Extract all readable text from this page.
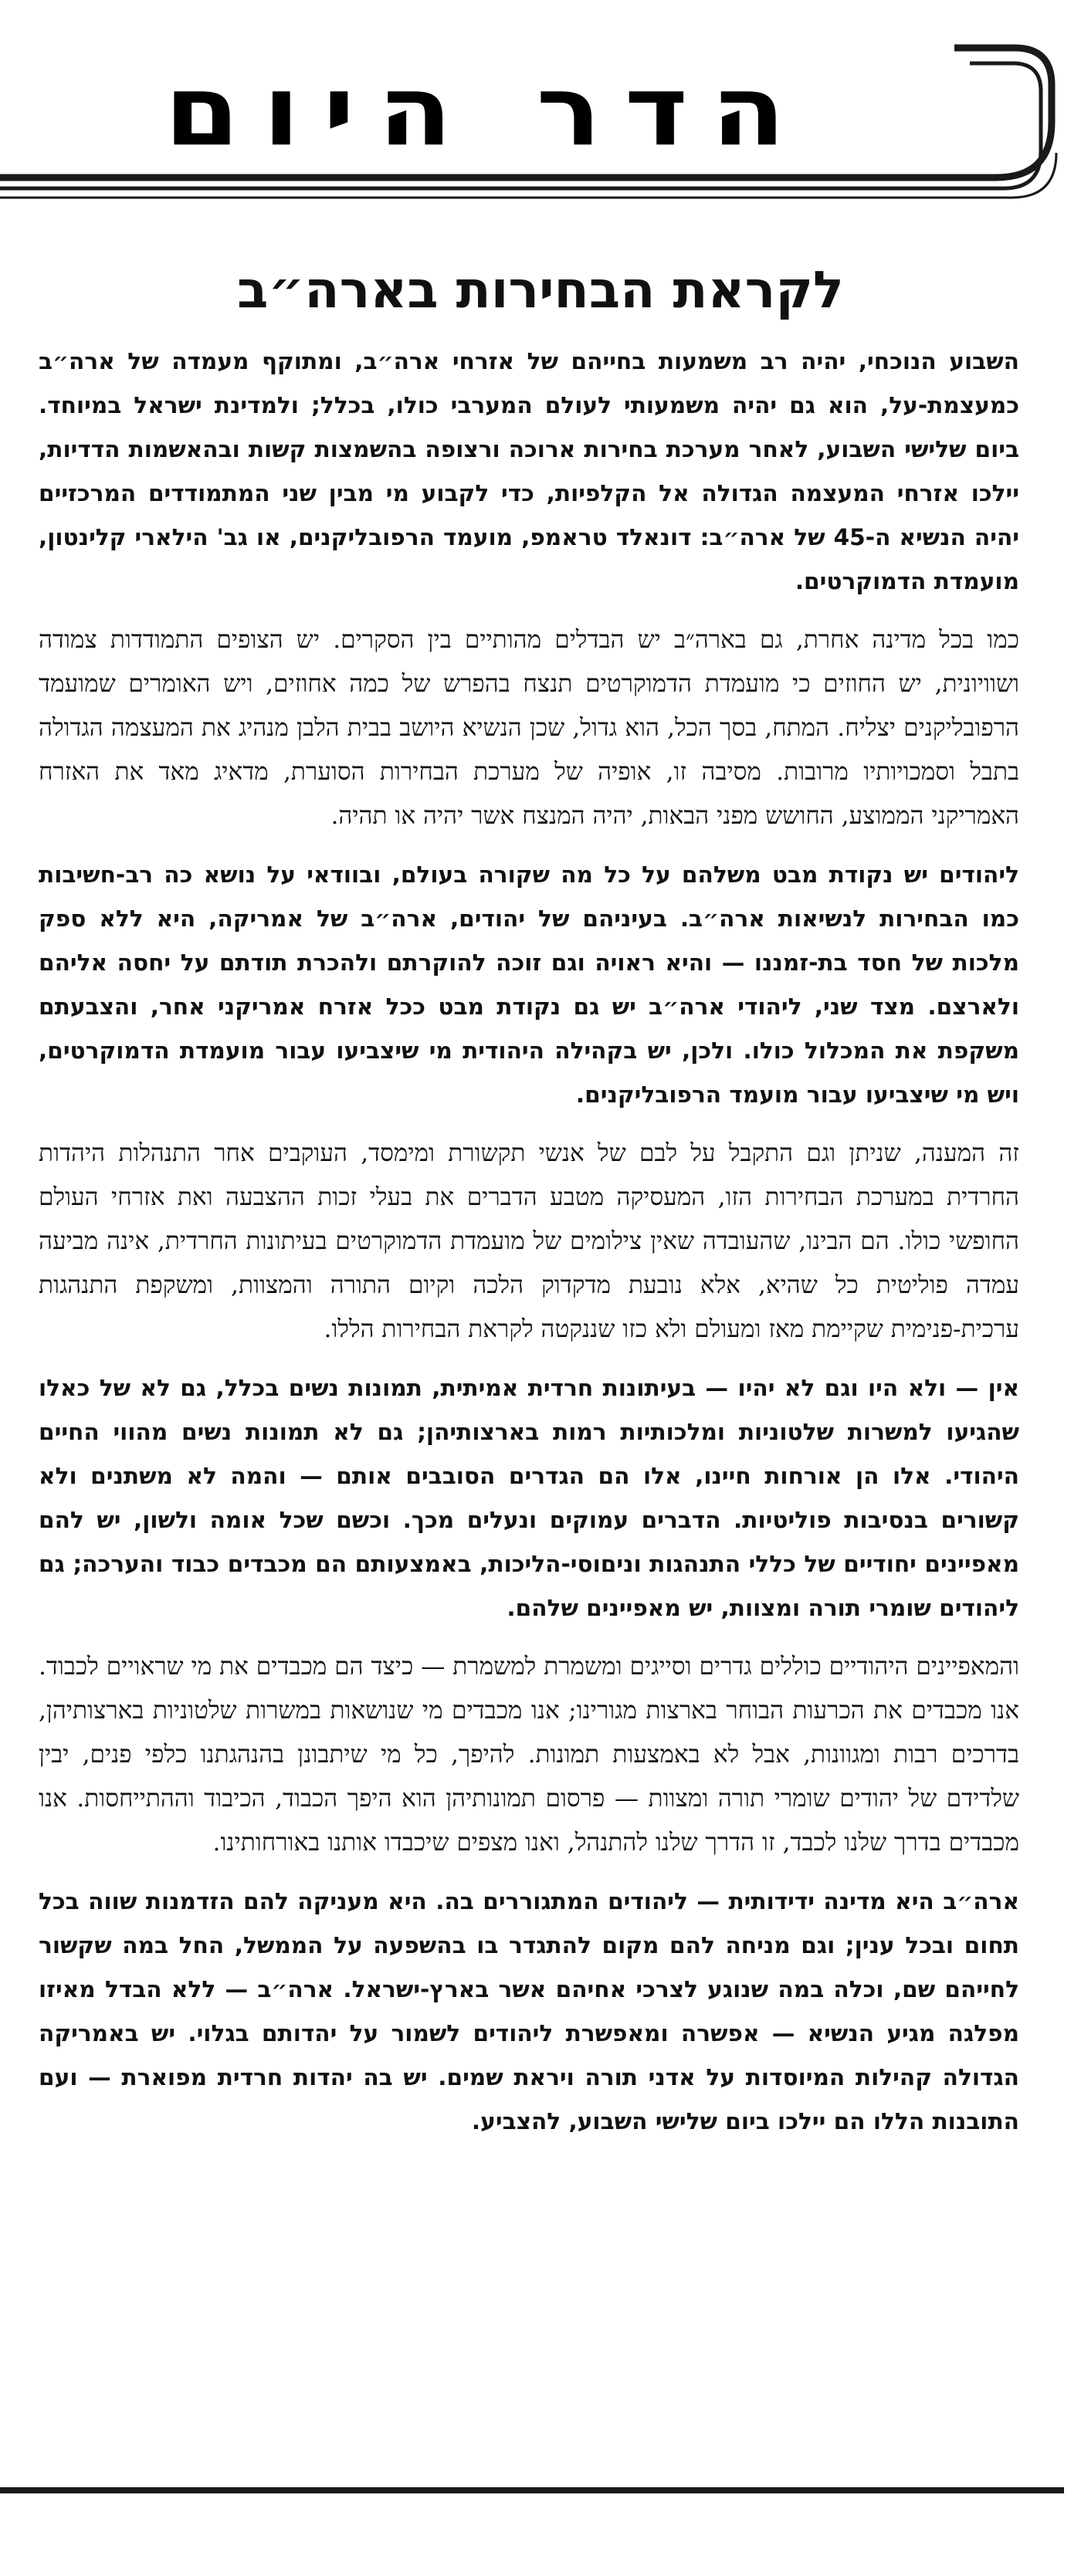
הדר היום
לקראת הבחירות בארה״ב

השבוע הנוכחי, יהיה רב משמעות בחייהם של אזרחי ארה״ב, ומתוקף מעמדה של ארה״ב כמעצמת-על, הוא גם יהיה משמעותי לעולם המערבי כולו, בכלל; ולמדינת ישראל במיוחד. ביום שלישי השבוע, לאחר מערכת בחירות ארוכה ורצופה בהשמצות קשות ובהאשמות הדדיות, יילכו אזרחי המעצמה הגדולה אל הקלפיות, כדי לקבוע מי מבין שני המתמודדים המרכזיים יהיה הנשיא ה-45 של ארה״ב: דונאלד טראמפ, מועמד הרפובליקנים, או גב' הילארי קלינטון, מועמדת הדמוקרטים.

כמו בכל מדינה אחרת, גם בארה״ב יש הבדלים מהותיים בין הסקרים. יש הצופים התמודדות צמודה ושוויונית, יש החוזים כי מועמדת הדמוקרטים תנצח בהפרש של כמה אחוזים, ויש האומרים שמועמד הרפובליקנים יצליח. המתח, בסך הכל, הוא גדול, שכן הנשיא היושב בבית הלבן מנהיג את המעצמה הגדולה בתבל וסמכויותיו מרובות. מסיבה זו, אופיה של מערכת הבחירות הסוערת, מדאיג מאד את האזרח האמריקני הממוצע, החושש מפני הבאות, יהיה המנצח אשר יהיה או תהיה.

ליהודים יש נקודת מבט משלהם על כל מה שקורה בעולם, ובוודאי על נושא כה רב-חשיבות כמו הבחירות לנשיאות ארה״ב. בעיניהם של יהודים, ארה״ב של אמריקה, היא ללא ספק מלכות של חסד בת-זמננו — והיא ראויה וגם זוכה להוקרתם ולהכרת תודתם על יחסה אליהם ולארצם. מצד שני, ליהודי ארה״ב יש גם נקודת מבט ככל אזרח אמריקני אחר, והצבעתם משקפת את המכלול כולו. ולכן, יש בקהילה היהודית מי שיצביעו עבור מועמדת הדמוקרטים, ויש מי שיצביעו עבור מועמד הרפובליקנים.

זה המענה, שניתן וגם התקבל על לבם של אנשי תקשורת ומימסד, העוקבים אחר התנהלות היהדות החרדית במערכת הבחירות הזו, המעסיקה מטבע הדברים את בעלי זכות ההצבעה ואת אזרחי העולם החופשי כולו. הם הבינו, שהעובדה שאין צילומים של מועמדת הדמוקרטים בעיתונות החרדית, אינה מביעה עמדה פוליטית כל שהיא, אלא נובעת מדקדוק הלכה וקיום התורה והמצוות, ומשקפת התנהגות ערכית-פנימית שקיימת מאז ומעולם ולא כזו שננקטה לקראת הבחירות הללו.

אין — ולא היו וגם לא יהיו — בעיתונות חרדית אמיתית, תמונות נשים בכלל, גם לא של כאלו שהגיעו למשרות שלטוניות ומלכותיות רמות בארצותיהן; גם לא תמונות נשים מהווי החיים היהודי. אלו הן אורחות חיינו, אלו הם הגדרים הסובבים אותם — והמה לא משתנים ולא קשורים בנסיבות פוליטיות. הדברים עמוקים ונעלים מכך. וכשם שכל אומה ולשון, יש להם מאפיינים יחודיים של כללי התנהגות וניםוסי-הליכות, באמצעותם הם מכבדים כבוד והערכה; גם ליהודים שומרי תורה ומצוות, יש מאפיינים שלהם.

והמאפיינים היהודיים כוללים גדרים וסייגים ומשמרת למשמרת — כיצד הם מכבדים את מי שראויים לכבוד. אנו מכבדים את הכרעות הבוחר בארצות מגורינו; אנו מכבדים מי שנושאות במשרות שלטוניות בארצותיהן, בדרכים רבות ומגוונות, אבל לא באמצעות תמונות. להיפך, כל מי שיתבונן בהנהגתנו כלפי פנים, יבין שלדידם של יהודים שומרי תורה ומצוות — פרסום תמונותיהן הוא היפך הכבוד, הכיבוד וההתייחסות. אנו מכבדים בדרך שלנו לכבד, זו הדרך שלנו להתנהל, ואנו מצפים שיכבדו אותנו באורחותינו.

ארה״ב היא מדינה ידידותית — ליהודים המתגוררים בה. היא מעניקה להם הזדמנות שווה בכל תחום ובכל ענין; וגם מניחה להם מקום להתגדר בו בהשפעה על הממשל, החל במה שקשור לחייהם שם, וכלה במה שנוגע לצרכי אחיהם אשר בארץ-ישראל. ארה״ב — ללא הבדל מאיזו מפלגה מגיע הנשיא — אפשרה ומאפשרת ליהודים לשמור על יהדותם בגלוי. יש באמריקה הגדולה קהילות המיוסדות על אדני תורה ויראת שמים. יש בה יהדות חרדית מפוארת — ועם התובנות הללו הם יילכו ביום שלישי השבוע, להצביע.
